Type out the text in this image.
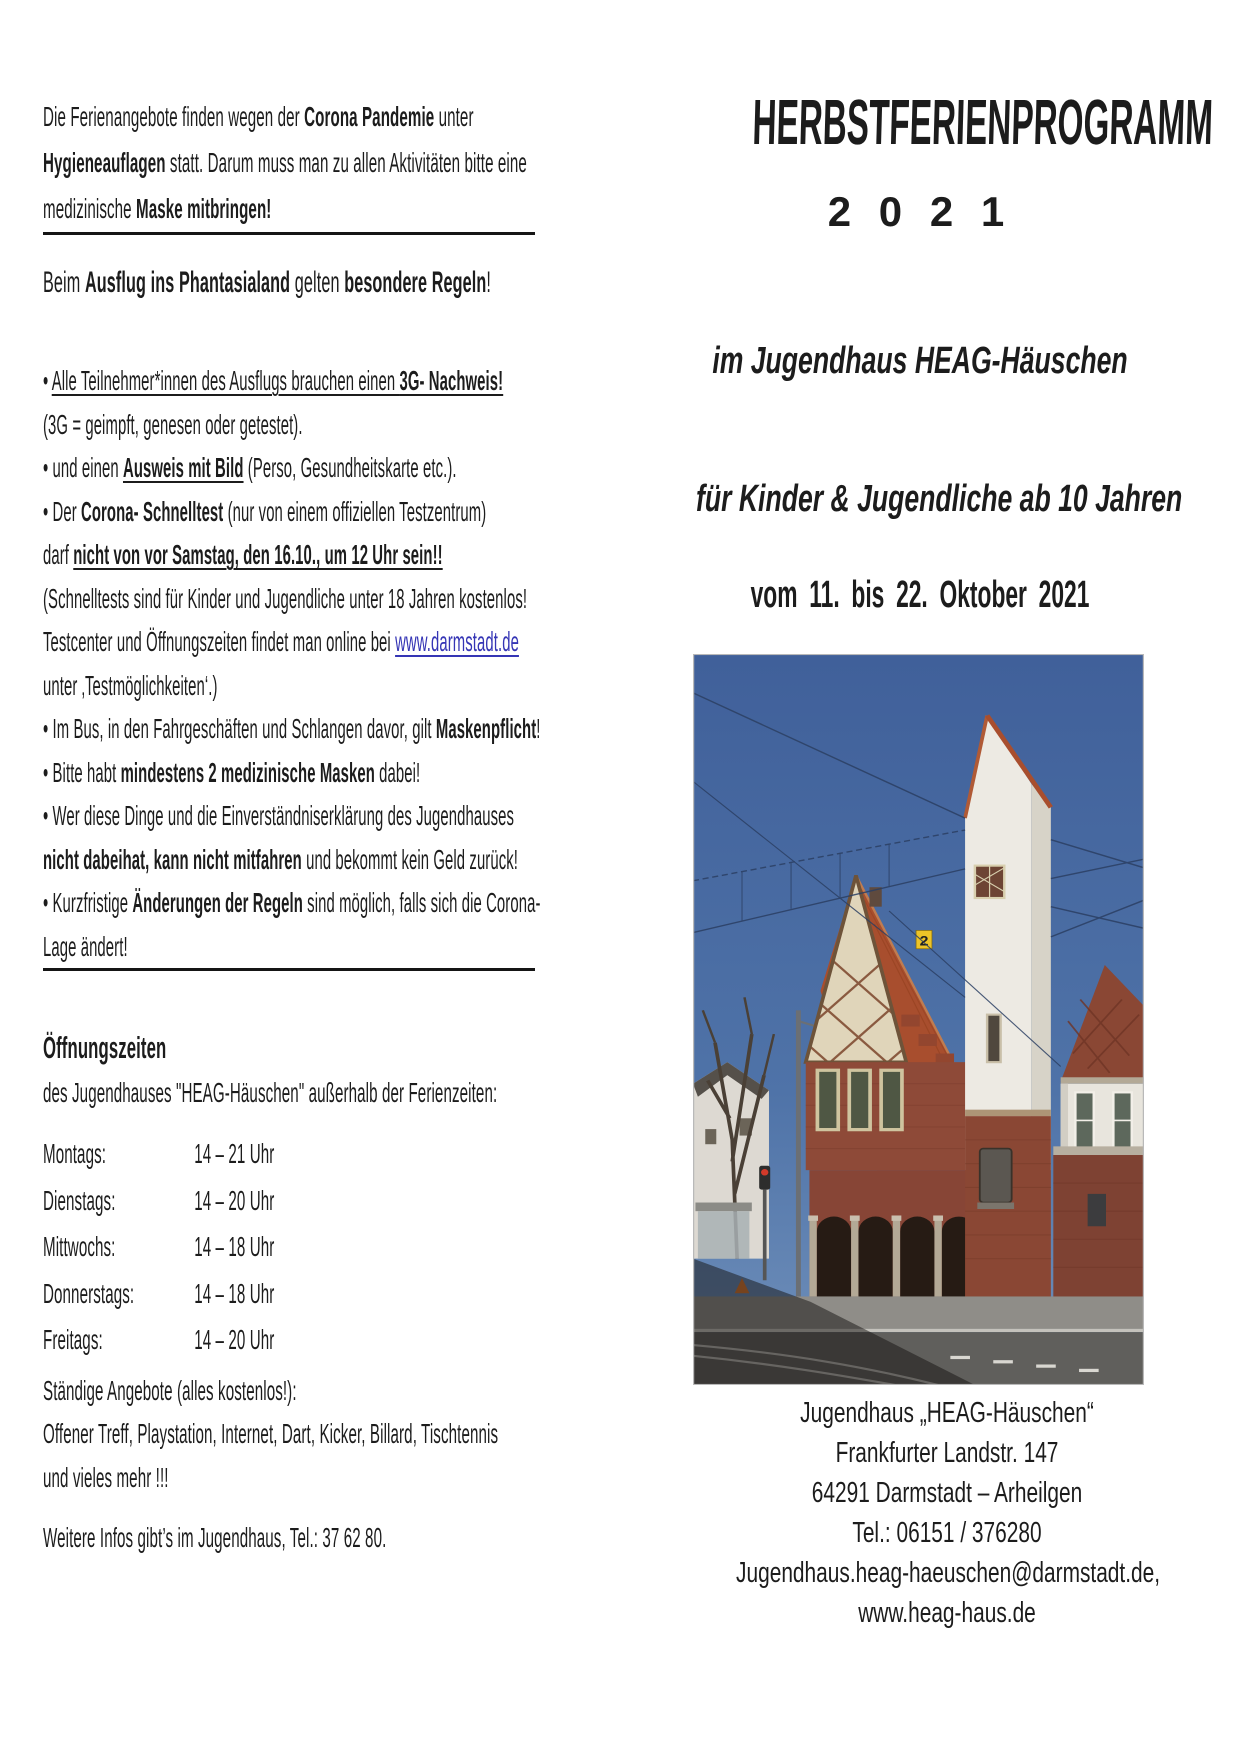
Die Ferienangebote finden wegen der Corona Pandemie unter
Hygieneauflagen statt. Darum muss man zu allen Aktivitäten bitte eine
medizinische Maske mitbringen!
Beim Ausflug ins Phantasialand gelten besondere Regeln!
• Alle Teilnehmer*innen des Ausflugs brauchen einen 3G- Nachweis!
(3G = geimpft, genesen oder getestet).
• und einen Ausweis mit Bild (Perso, Gesundheitskarte etc.).
• Der Corona- Schnelltest (nur von einem offiziellen Testzentrum)
darf nicht von vor Samstag, den 16.10., um 12 Uhr sein!!
(Schnelltests sind für Kinder und Jugendliche unter 18 Jahren kostenlos!
Testcenter und Öffnungszeiten findet man online bei www.darmstadt.de
unter ‚Testmöglichkeiten‘.)
• Im Bus, in den Fahrgeschäften und Schlangen davor, gilt Maskenpflicht!
• Bitte habt mindestens 2 medizinische Masken dabei!
• Wer diese Dinge und die Einverständniserklärung des Jugendhauses
nicht dabeihat, kann nicht mitfahren und bekommt kein Geld zurück!
• Kurzfristige Änderungen der Regeln sind möglich, falls sich die Corona-
Lage ändert!
Öffnungszeiten
des Jugendhauses "HEAG-Häuschen" außerhalb der Ferienzeiten:
Montags:	14 – 21 Uhr
Dienstags:	14 – 20 Uhr
Mittwochs:	14 – 18 Uhr
Donnerstags:	14 – 18 Uhr
Freitags:	14 – 20 Uhr
Ständige Angebote (alles kostenlos!):
Offener Treff, Playstation, Internet, Dart, Kicker, Billard, Tischtennis
und vieles mehr !!!
Weitere Infos gibt’s im Jugendhaus, Tel.: 37 62 80.
HERBSTFERIENPROGRAMM
2 0 2 1
im Jugendhaus HEAG-Häuschen
für Kinder & Jugendliche ab 10 Jahren
vom 11. bis 22. Oktober 2021
2
Jugendhaus „HEAG-Häuschen“
Frankfurter Landstr. 147
64291 Darmstadt – Arheilgen
Tel.: 06151 / 376280
Jugendhaus.heag-haeuschen@darmstadt.de,
www.heag-haus.de
